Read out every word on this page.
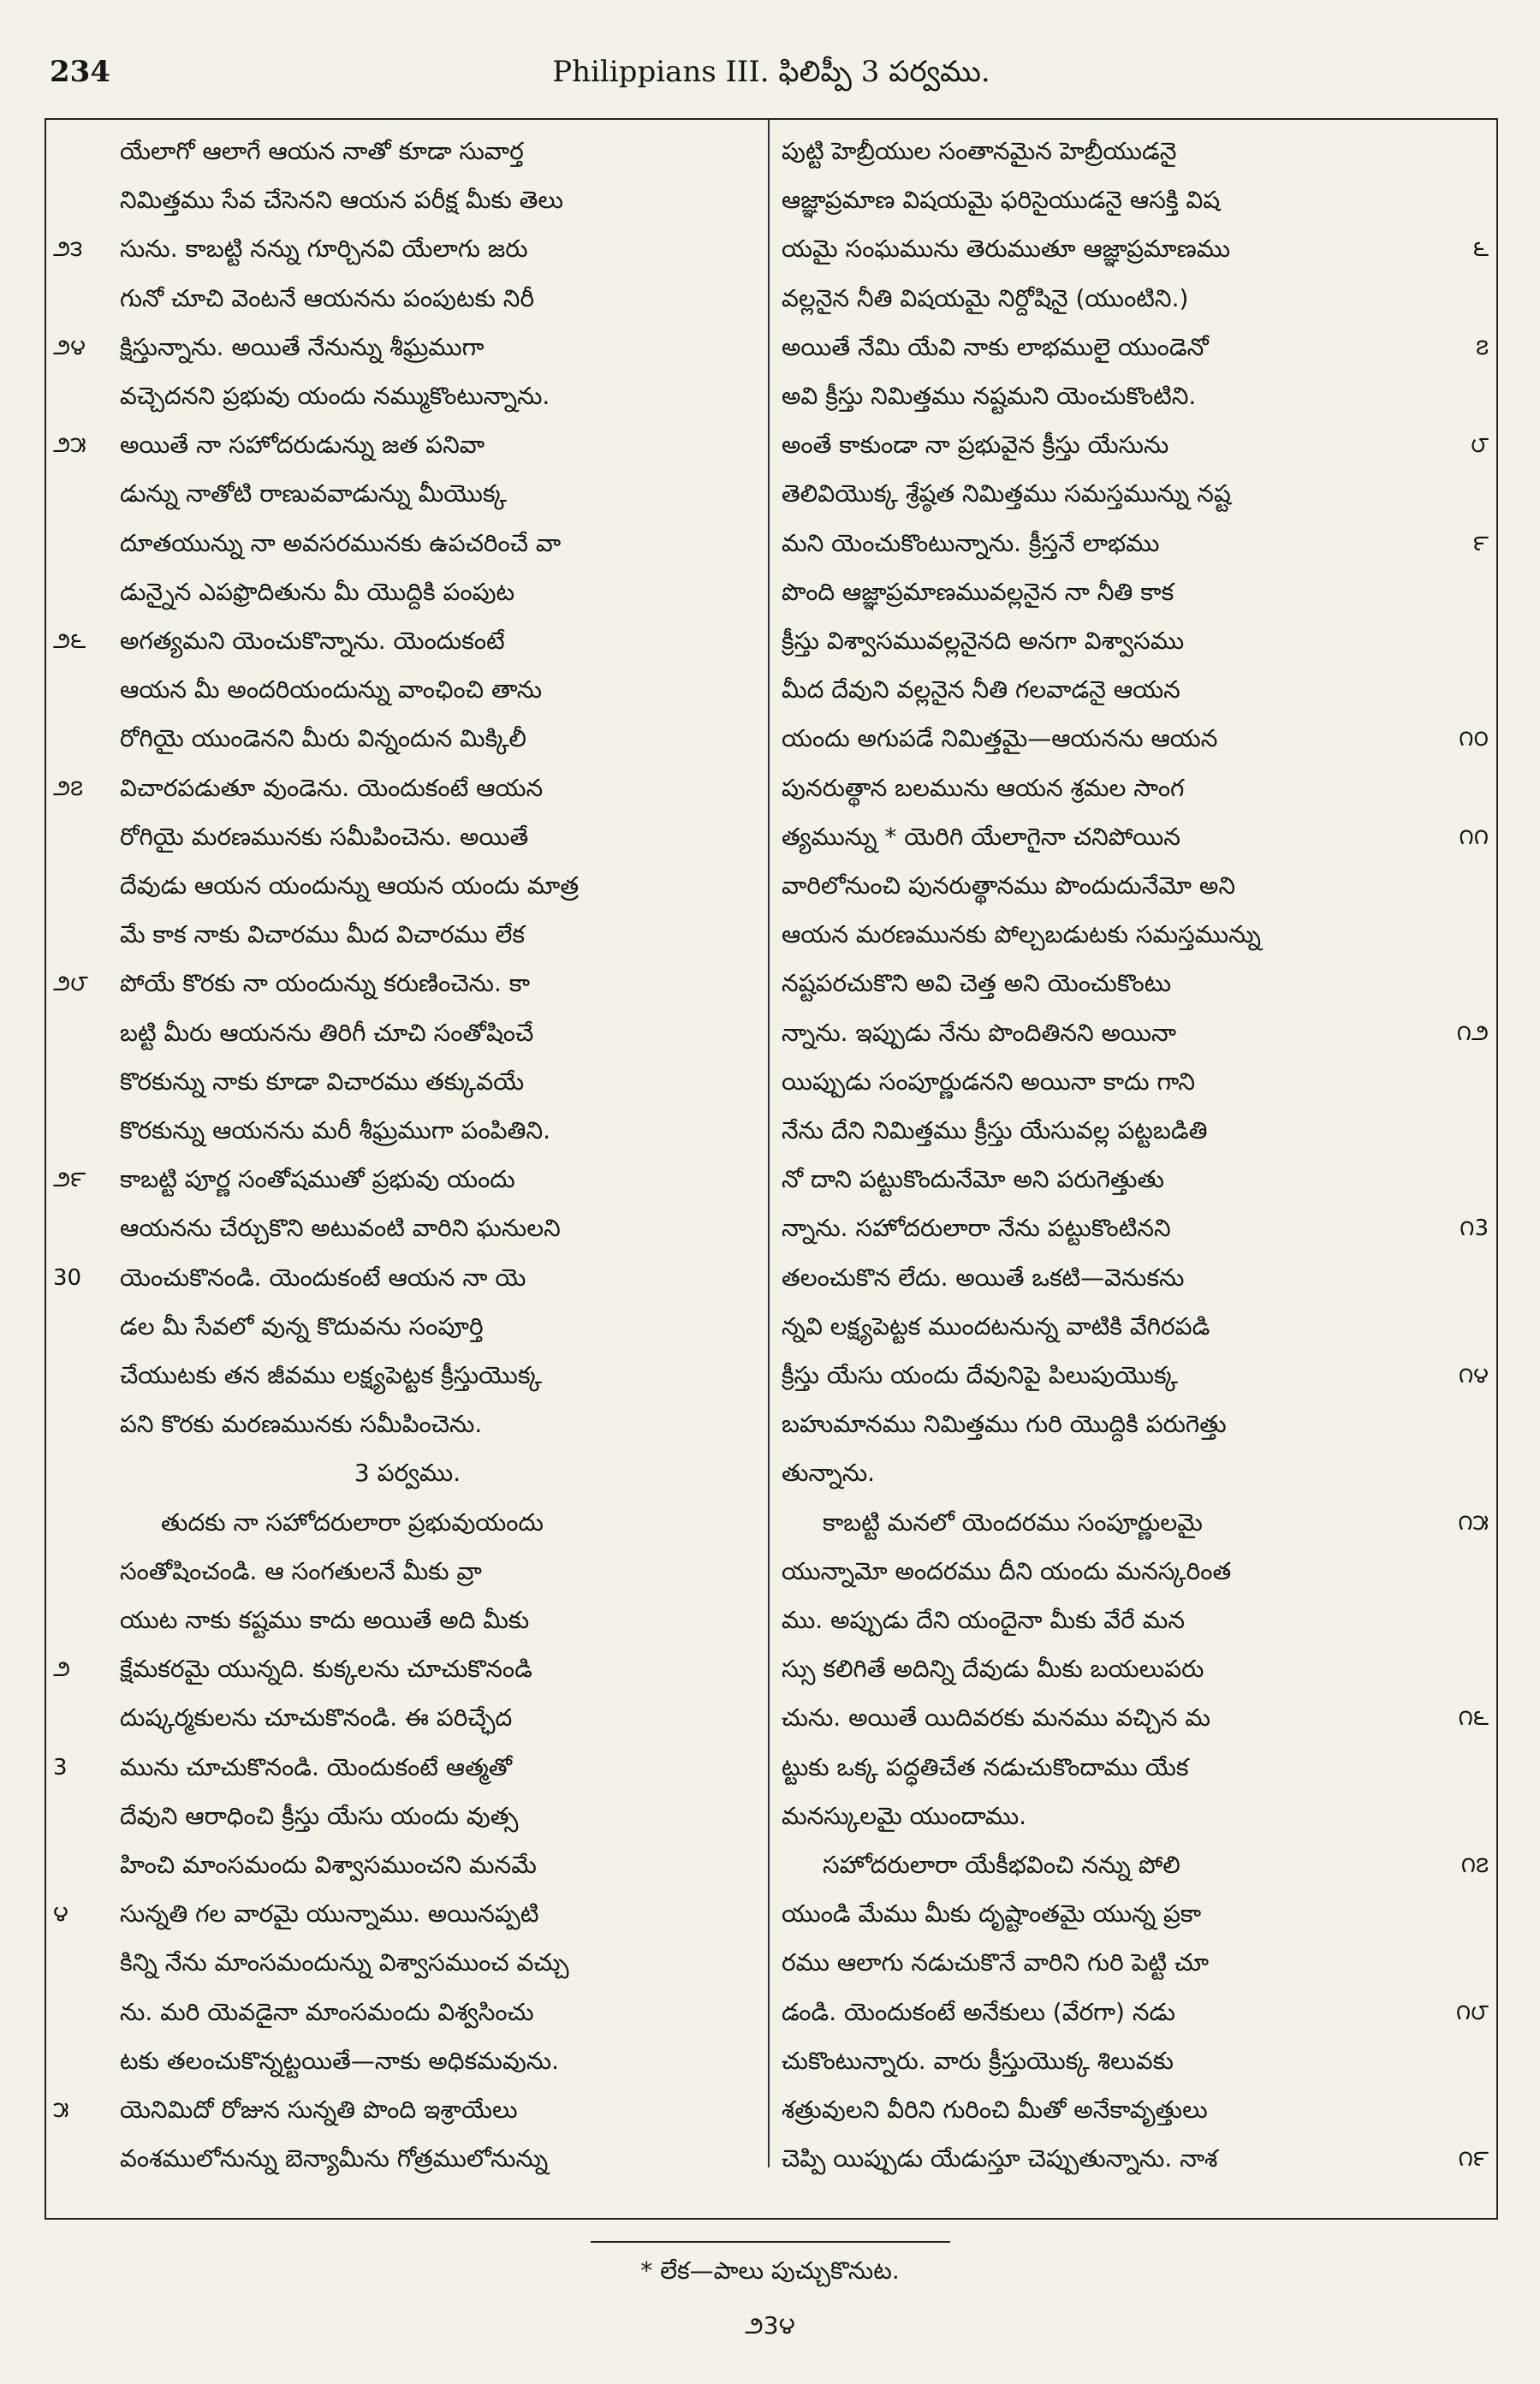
234	Philippians III. ఫిలిప్పీ 3 పర్వము.
యేలాగో ఆలాగే ఆయన నాతో కూడా సువార్త
నిమిత్తము సేవ చేసెనని ఆయన పరీక్ష మీకు తెలు
౨౩ సును. కాబట్టి నన్ను గూర్చినవి యేలాగు జరు
గునో చూచి వెంటనే ఆయనను పంపుటకు నిరీ
౨౪ క్షిస్తున్నాను. అయితే నేనున్ను శీఘ్రముగా
వచ్చెదనని ప్రభువు యందు నమ్ముకొంటున్నాను.
౨౫ అయితే నా సహోదరుడున్ను జత పనివా
డున్ను నాతోటి రాణువవాడున్ను మీయొక్క
దూతయున్ను నా అవసరమునకు ఉపచరించే వా
డున్నైన ఎపఫ్రొదితును మీ యొద్దికి పంపుట
౨౬ అగత్యమని యెంచుకొన్నాను. యెందుకంటే
ఆయన మీ అందరియందున్ను వాంఛించి తాను
రోగియై యుండెనని మీరు విన్నందున మిక్కిలీ
౨౭ విచారపడుతూ వుండెను. యెందుకంటే ఆయన
రోగియై మరణమునకు సమీపించెను. అయితే
దేవుడు ఆయన యందున్ను ఆయన యందు మాత్ర
మే కాక నాకు విచారము మీద విచారము లేక
౨౮ పోయే కొరకు నా యందున్ను కరుణించెను. కా
బట్టి మీరు ఆయనను తిరిగీ చూచి సంతోషించే
కొరకున్ను నాకు కూడా విచారము తక్కువయే
కొరకున్ను ఆయనను మరీ శీఘ్రముగా పంపితిని.
౨౯ కాబట్టి పూర్ణ సంతోషముతో ప్రభువు యందు
ఆయనను చేర్చుకొని అటువంటి వారిని ఘనులని
30 యెంచుకొనండి. యెందుకంటే ఆయన నా యె
డల మీ సేవలో వున్న కొదువను సంపూర్తి
చేయుటకు తన జీవము లక్ష్యపెట్టక క్రీస్తుయొక్క
పని కొరకు మరణమునకు సమీపించెను.
3 పర్వము.
తుదకు నా సహోదరులారా ప్రభువుయందు
సంతోషించండి. ఆ సంగతులనే మీకు వ్రా
యుట నాకు కష్టము కాదు అయితే అది మీకు
౨ క్షేమకరమై యున్నది. కుక్కలను చూచుకొనండి
దుష్కర్మకులను చూచుకొనండి. ఈ పరిచ్ఛేద
3 మును చూచుకొనండి. యెందుకంటే ఆత్మతో
దేవుని ఆరాధించి క్రీస్తు యేసు యందు వుత్స
హించి మాంసమందు విశ్వాసముంచని మనమే
౪ సున్నతి గల వారమై యున్నాము. అయినప్పటి
కిన్ని నేను మాంసమందున్ను విశ్వాసముంచ వచ్చు
ను. మరి యెవడైనా మాంసమందు విశ్వసించు
టకు తలంచుకొన్నట్టయితే—నాకు అధికమవును.
౫ యెనిమిదో రోజున సున్నతి పొంది ఇశ్రాయేలు
వంశములోనున్ను బెన్యామీను గోత్రములోనున్ను
పుట్టి హెబ్రీయుల సంతానమైన హెబ్రీయుడనై
ఆజ్ఞాప్రమాణ విషయమై ఫరిసైయుడనై ఆసక్తి విష
౬
యమై సంఘమును తెరుముతూ ఆజ్ఞాప్రమాణము
వల్లనైన నీతి విషయమై నిర్దోషినై (యుంటిని.)
౭
అయితే నేమి యేవి నాకు లాభములై యుండెనో
అవి క్రీస్తు నిమిత్తము నష్టమని యెంచుకొంటిని.
౮
అంతే కాకుండా నా ప్రభువైన క్రీస్తు యేసును
తెలివియొక్క శ్రేష్ఠత నిమిత్తము సమస్తమున్ను నష్ట
౯
మని యెంచుకొంటున్నాను. క్రీస్తనే లాభము
పొంది ఆజ్ఞాప్రమాణమువల్లనైన నా నీతి కాక
క్రీస్తు విశ్వాసమువల్లనైనది అనగా విశ్వాసము
మీద దేవుని వల్లనైన నీతి గలవాడనై ఆయన
౧౦
యందు అగుపడే నిమిత్తమై—ఆయనను ఆయన
పునరుత్థాన బలమును ఆయన శ్రమల సాంగ
౧౧
త్యమున్ను * యెరిగి యేలాగైనా చనిపోయిన
వారిలోనుంచి పునరుత్థానము పొందుదునేమో అని
ఆయన మరణమునకు పోల్చబడుటకు సమస్తమున్ను
నష్టపరచుకొని అవి చెత్త అని యెంచుకొంటు
౧౨
న్నాను. ఇప్పుడు నేను పొందితినని అయినా
యిప్పుడు సంపూర్ణుడనని అయినా కాదు గాని
నేను దేని నిమిత్తము క్రీస్తు యేసువల్ల పట్టబడితి
నో దాని పట్టుకొందునేమో అని పరుగెత్తుతు
౧3
న్నాను. సహోదరులారా నేను పట్టుకొంటినని
తలంచుకొన లేదు. అయితే ఒకటి—వెనుకను
న్నవి లక్ష్యపెట్టక ముందటనున్న వాటికి వేగిరపడి
౧౪
క్రీస్తు యేసు యందు దేవునిపై పిలుపుయొక్క
బహుమానము నిమిత్తము గురి యొద్దికి పరుగెత్తు
తున్నాను.
౧౫
కాబట్టి మనలో యెందరము సంపూర్ణులమై
యున్నామో అందరము దీని యందు మనస్కరింత
ము. అప్పుడు దేని యందైనా మీకు వేరే మన
స్సు కలిగితే అదిన్ని దేవుడు మీకు బయలుపరు
౧౬
చును. అయితే యిదివరకు మనము వచ్చిన మ
ట్టుకు ఒక్క పద్ధతిచేత నడుచుకొందాము యేక
మనస్కులమై యుందాము.
౧౭
సహోదరులారా యేకీభవించి నన్ను పోలి
యుండి మేము మీకు దృష్టాంతమై యున్న ప్రకా
రము ఆలాగు నడుచుకొనే వారిని గురి పెట్టి చూ
౧౮
డండి. యెందుకంటే అనేకులు (వేరగా) నడు
చుకొంటున్నారు. వారు క్రీస్తుయొక్క శిలువకు
శత్రువులని వీరిని గురించి మీతో అనేకావృత్తులు
౧౯
చెప్పి యిప్పుడు యేడుస్తూ చెప్పుతున్నాను. నాశ
* లేక—పాలు పుచ్చుకొనుట.
౨3౪
